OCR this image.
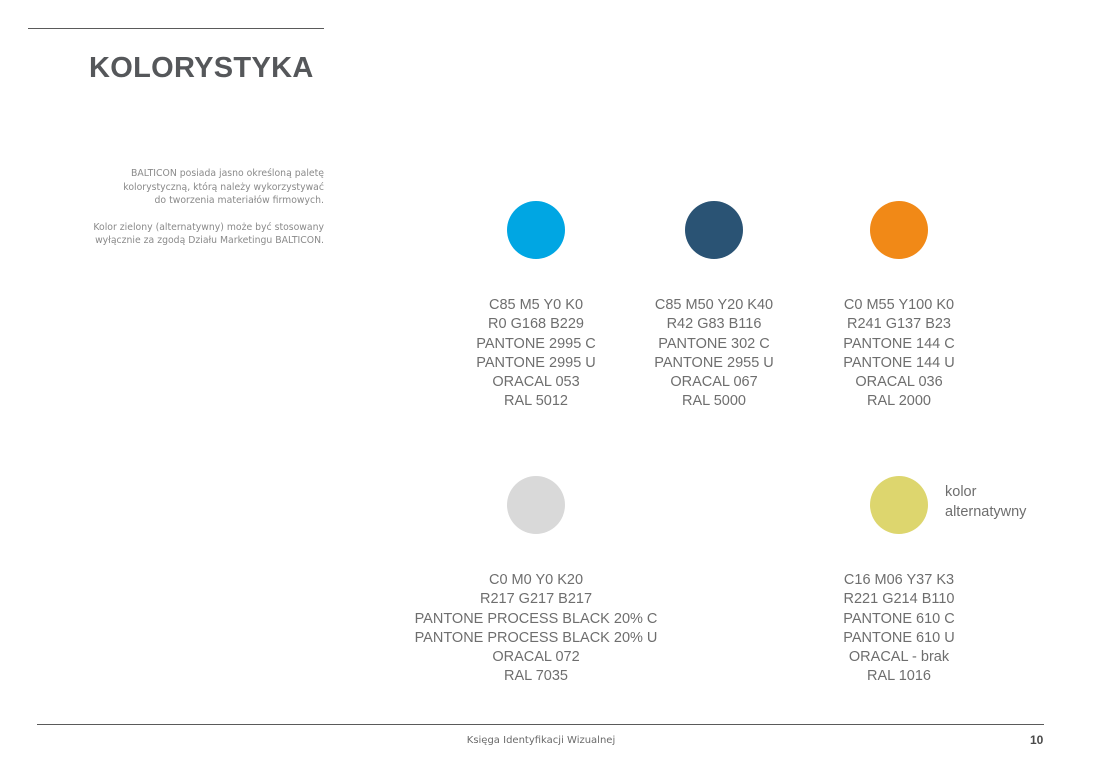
KOLORYSTYKA

BALTICON posiada jasno określoną paletę
kolorystyczną, którą należy wykorzystywać
do tworzenia materiałów firmowych.

Kolor zielony (alternatywny) może być stosowany
wyłącznie za zgodą Działu Marketingu BALTICON.

C85 M5 Y0 K0
R0 G168 B229
PANTONE 2995 C
PANTONE 2995 U
ORACAL 053
RAL 5012
C85 M50 Y20 K40
R42 G83 B116
PANTONE 302 C
PANTONE 2955 U
ORACAL 067
RAL 5000
C0 M55 Y100 K0
R241 G137 B23
PANTONE 144 C
PANTONE 144 U
ORACAL 036
RAL 2000
C0 M0 Y0 K20
R217 G217 B217
PANTONE PROCESS BLACK 20% C
PANTONE PROCESS BLACK 20% U
ORACAL 072
RAL 7035
kolor
alternatywny
C16 M06 Y37 K3
R221 G214 B110
PANTONE 610 C
PANTONE 610 U
ORACAL - brak
RAL 1016
Księga Identyfikacji Wizualnej	10
